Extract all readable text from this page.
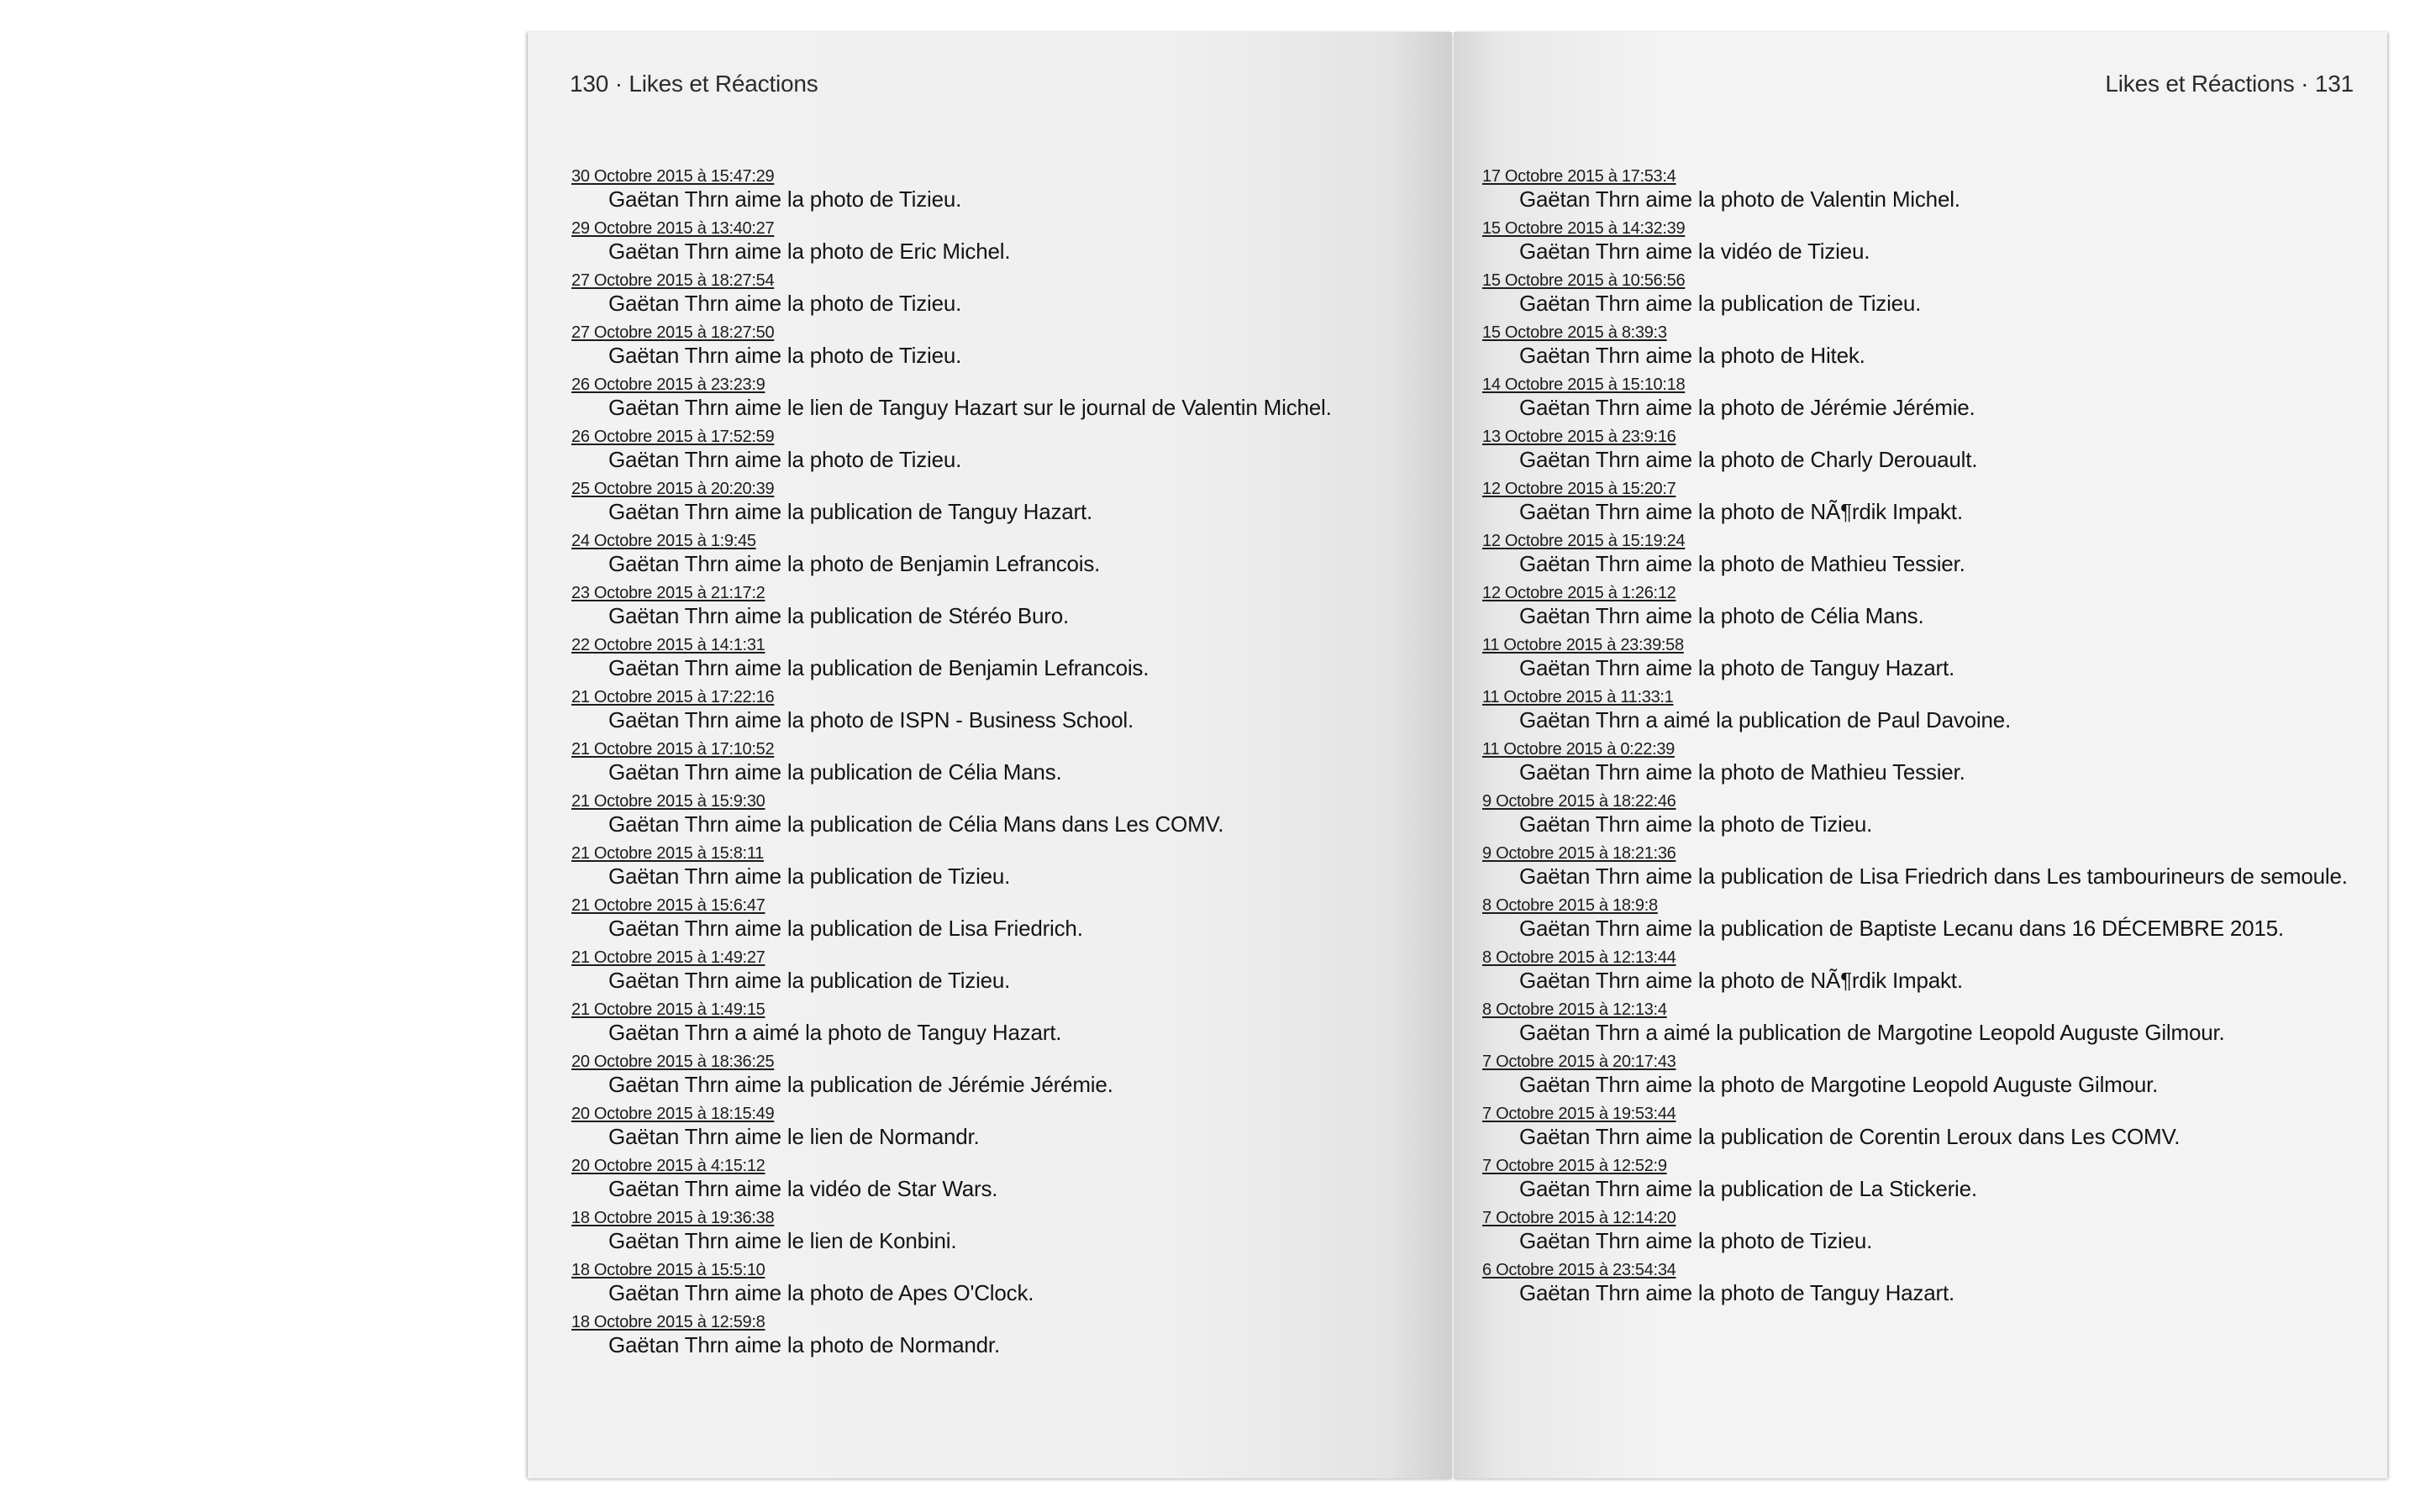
130 · Likes et Réactions
30 Octobre 2015 à 15:47:29
Gaëtan Thrn aime la photo de Tizieu.
29 Octobre 2015 à 13:40:27
Gaëtan Thrn aime la photo de Eric Michel.
27 Octobre 2015 à 18:27:54
Gaëtan Thrn aime la photo de Tizieu.
27 Octobre 2015 à 18:27:50
Gaëtan Thrn aime la photo de Tizieu.
26 Octobre 2015 à 23:23:9
Gaëtan Thrn aime le lien de Tanguy Hazart sur le journal de Valentin Michel.
26 Octobre 2015 à 17:52:59
Gaëtan Thrn aime la photo de Tizieu.
25 Octobre 2015 à 20:20:39
Gaëtan Thrn aime la publication de Tanguy Hazart.
24 Octobre 2015 à 1:9:45
Gaëtan Thrn aime la photo de Benjamin Lefrancois.
23 Octobre 2015 à 21:17:2
Gaëtan Thrn aime la publication de Stéréo Buro.
22 Octobre 2015 à 14:1:31
Gaëtan Thrn aime la publication de Benjamin Lefrancois.
21 Octobre 2015 à 17:22:16
Gaëtan Thrn aime la photo de ISPN - Business School.
21 Octobre 2015 à 17:10:52
Gaëtan Thrn aime la publication de Célia Mans.
21 Octobre 2015 à 15:9:30
Gaëtan Thrn aime la publication de Célia Mans dans Les COMV.
21 Octobre 2015 à 15:8:11
Gaëtan Thrn aime la publication de Tizieu.
21 Octobre 2015 à 15:6:47
Gaëtan Thrn aime la publication de Lisa Friedrich.
21 Octobre 2015 à 1:49:27
Gaëtan Thrn aime la publication de Tizieu.
21 Octobre 2015 à 1:49:15
Gaëtan Thrn a aimé la photo de Tanguy Hazart.
20 Octobre 2015 à 18:36:25
Gaëtan Thrn aime la publication de Jérémie Jérémie.
20 Octobre 2015 à 18:15:49
Gaëtan Thrn aime le lien de Normandr.
20 Octobre 2015 à 4:15:12
Gaëtan Thrn aime la vidéo de Star Wars.
18 Octobre 2015 à 19:36:38
Gaëtan Thrn aime le lien de Konbini.
18 Octobre 2015 à 15:5:10
Gaëtan Thrn aime la photo de Apes O'Clock.
18 Octobre 2015 à 12:59:8
Gaëtan Thrn aime la photo de Normandr.
Likes et Réactions · 131
17 Octobre 2015 à 17:53:4
Gaëtan Thrn aime la photo de Valentin Michel.
15 Octobre 2015 à 14:32:39
Gaëtan Thrn aime la vidéo de Tizieu.
15 Octobre 2015 à 10:56:56
Gaëtan Thrn aime la publication de Tizieu.
15 Octobre 2015 à 8:39:3
Gaëtan Thrn aime la photo de Hitek.
14 Octobre 2015 à 15:10:18
Gaëtan Thrn aime la photo de Jérémie Jérémie.
13 Octobre 2015 à 23:9:16
Gaëtan Thrn aime la photo de Charly Derouault.
12 Octobre 2015 à 15:20:7
Gaëtan Thrn aime la photo de NÃ¶rdik Impakt.
12 Octobre 2015 à 15:19:24
Gaëtan Thrn aime la photo de Mathieu Tessier.
12 Octobre 2015 à 1:26:12
Gaëtan Thrn aime la photo de Célia Mans.
11 Octobre 2015 à 23:39:58
Gaëtan Thrn aime la photo de Tanguy Hazart.
11 Octobre 2015 à 11:33:1
Gaëtan Thrn a aimé la publication de Paul Davoine.
11 Octobre 2015 à 0:22:39
Gaëtan Thrn aime la photo de Mathieu Tessier.
9 Octobre 2015 à 18:22:46
Gaëtan Thrn aime la photo de Tizieu.
9 Octobre 2015 à 18:21:36
Gaëtan Thrn aime la publication de Lisa Friedrich dans Les tambourineurs de semoule.
8 Octobre 2015 à 18:9:8
Gaëtan Thrn aime la publication de Baptiste Lecanu dans 16 DÉCEMBRE 2015.
8 Octobre 2015 à 12:13:44
Gaëtan Thrn aime la photo de NÃ¶rdik Impakt.
8 Octobre 2015 à 12:13:4
Gaëtan Thrn a aimé la publication de Margotine Leopold Auguste Gilmour.
7 Octobre 2015 à 20:17:43
Gaëtan Thrn aime la photo de Margotine Leopold Auguste Gilmour.
7 Octobre 2015 à 19:53:44
Gaëtan Thrn aime la publication de Corentin Leroux dans Les COMV.
7 Octobre 2015 à 12:52:9
Gaëtan Thrn aime la publication de La Stickerie.
7 Octobre 2015 à 12:14:20
Gaëtan Thrn aime la photo de Tizieu.
6 Octobre 2015 à 23:54:34
Gaëtan Thrn aime la photo de Tanguy Hazart.
